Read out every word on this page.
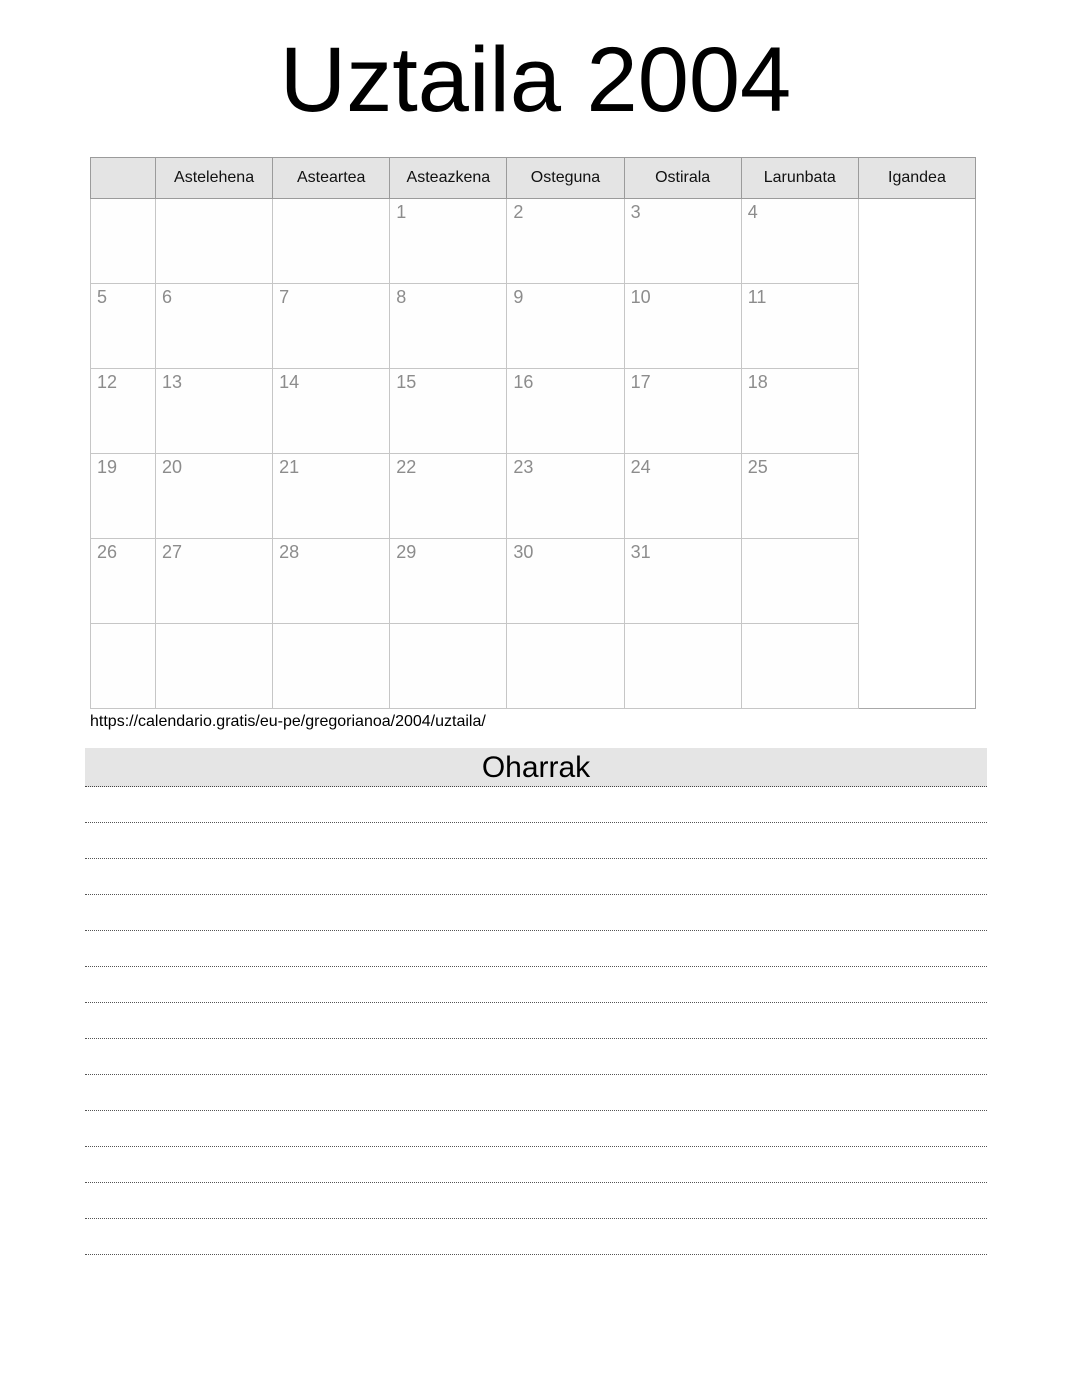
Uztaila 2004
	Astelehena	Asteartea	Asteazkena	Osteguna	Ostirala	Larunbata	Igandea

			1	2	3	4	

5	6	7	8	9	10	11	

12	13	14	15	16	17	18	

19	20	21	22	23	24	25	

26	27	28	29	30	31		

https://calendario.gratis/eu-pe/gregorianoa/2004/uztaila/
Oharrak
